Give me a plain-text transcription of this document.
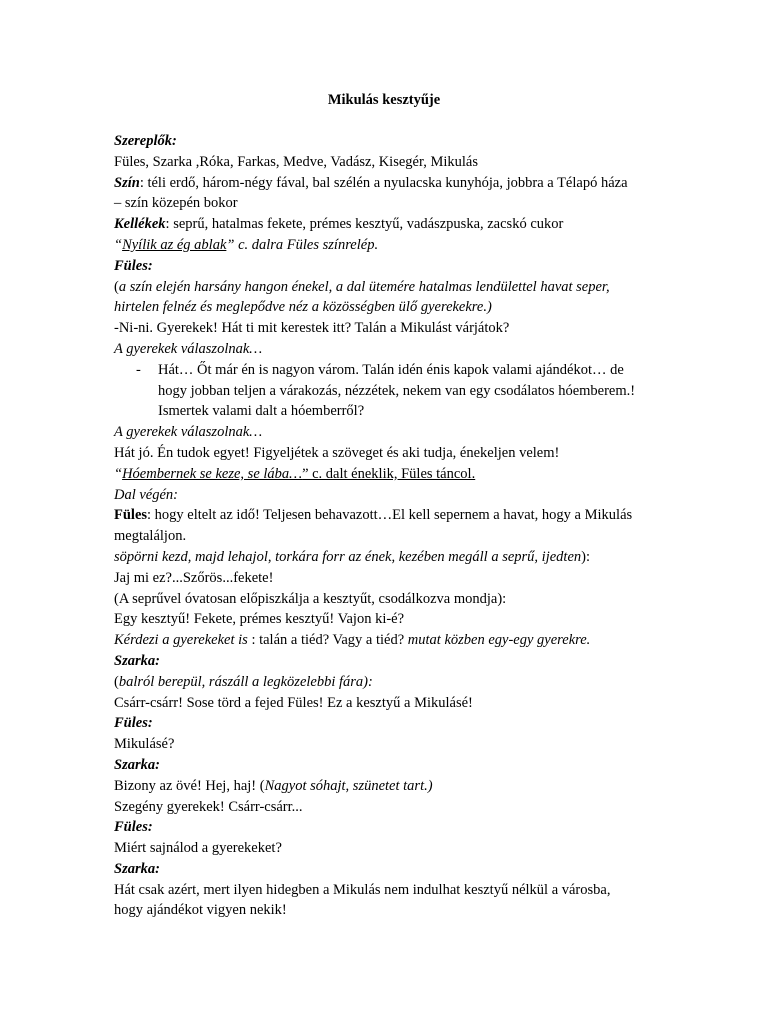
Mikulás kesztyűje
Szereplők:
Füles, Szarka ,Róka, Farkas, Medve, Vadász, Kisegér, Mikulás
Szín: téli erdő, három-négy fával, bal szélén a nyulacska kunyhója, jobbra a Télapó háza
– szín közepén bokor
Kellékek: seprű, hatalmas fekete, prémes kesztyű, vadászpuska, zacskó cukor
“Nyílik az ég ablak” c. dalra Füles színrelép.
Füles:
(a szín elején harsány hangon énekel, a dal ütemére hatalmas lendülettel havat seper,
hirtelen felnéz és meglepődve néz a közösségben ülő gyerekekre.)
-Ni-ni. Gyerekek! Hát ti mit kerestek itt? Talán a Mikulást várjátok?
A gyerekek válaszolnak…
- Hát… Őt már én is nagyon várom. Talán idén énis kapok valami ajándékot… de
hogy jobban teljen a várakozás, nézzétek, nekem van egy csodálatos hóemberem.!
Ismertek valami dalt a hóemberről?
A gyerekek válaszolnak…
Hát jó. Én tudok egyet! Figyeljétek a szöveget és aki tudja, énekeljen velem!
“Hóembernek se keze, se lába…” c. dalt éneklik, Füles táncol.
Dal végén:
Füles: hogy eltelt az idő! Teljesen behavazott…El kell sepernem a havat, hogy a Mikulás
megtaláljon.
söpörni kezd, majd lehajol, torkára forr az ének, kezében megáll a seprű, ijedten):
Jaj mi ez?...Szőrös...fekete!
(A seprűvel óvatosan előpiszkálja a kesztyűt, csodálkozva mondja):
Egy kesztyű! Fekete, prémes kesztyű! Vajon ki-é?
Kérdezi a gyerekeket is : talán a tiéd? Vagy a tiéd? mutat közben egy-egy gyerekre.
Szarka:
(balról berepül, rászáll a legközelebbi fára):
Csárr-csárr! Sose törd a fejed Füles! Ez a kesztyű a Mikulásé!
Füles:
Mikulásé?
Szarka:
Bizony az övé! Hej, haj! (Nagyot sóhajt, szünetet tart.)
Szegény gyerekek! Csárr-csárr...
Füles:
Miért sajnálod a gyerekeket?
Szarka:
Hát csak azért, mert ilyen hidegben a Mikulás nem indulhat kesztyű nélkül a városba,
hogy ajándékot vigyen nekik!
